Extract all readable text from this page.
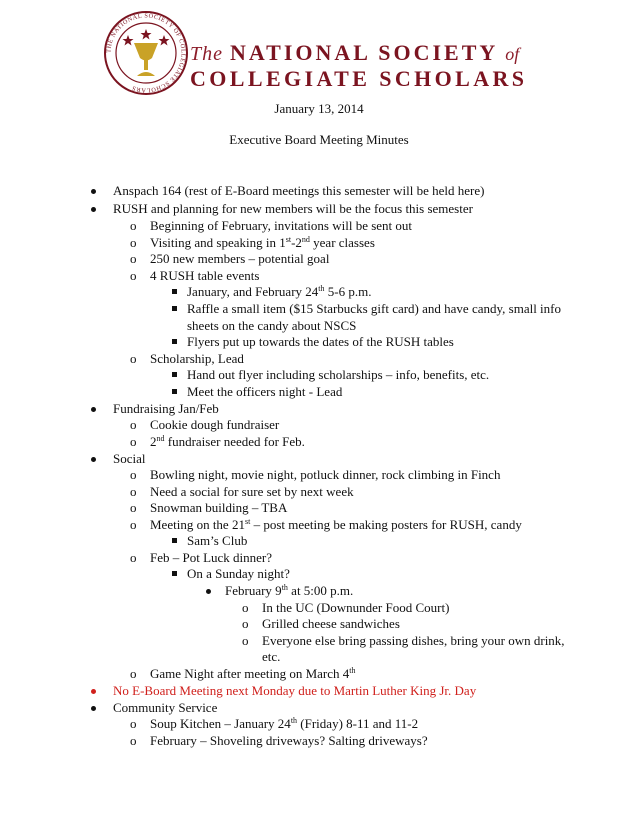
THE NATIONAL SOCIETY OF COLLEGIATE SCHOLARS
The NATIONAL SOCIETY of
COLLEGIATE SCHOLARS
January 13, 2014
Executive Board Meeting Minutes
Anspach 164 (rest of E-Board meetings this semester will be held here)
RUSH and planning for new members will be the focus this semester
o Beginning of February, invitations will be sent out
o Visiting and speaking in 1st-2nd year classes
o 250 new members – potential goal
o 4 RUSH table events
January, and February 24th 5-6 p.m.
Raffle a small item ($15 Starbucks gift card) and have candy, small info
sheets on the candy about NSCS
Flyers put up towards the dates of the RUSH tables
o Scholarship, Lead
Hand out flyer including scholarships – info, benefits, etc.
Meet the officers night - Lead
Fundraising Jan/Feb
o Cookie dough fundraiser
o 2nd fundraiser needed for Feb.
Social
o Bowling night, movie night, potluck dinner, rock climbing in Finch
o Need a social for sure set by next week
o Snowman building – TBA
o Meeting on the 21st – post meeting be making posters for RUSH, candy
Sam’s Club
o Feb – Pot Luck dinner?
On a Sunday night?
February 9th at 5:00 p.m.
o In the UC (Downunder Food Court)
o Grilled cheese sandwiches
o Everyone else bring passing dishes, bring your own drink,
etc.
o Game Night after meeting on March 4th
No E-Board Meeting next Monday due to Martin Luther King Jr. Day
Community Service
o Soup Kitchen – January 24th (Friday) 8-11 and 11-2
o February – Shoveling driveways? Salting driveways?
